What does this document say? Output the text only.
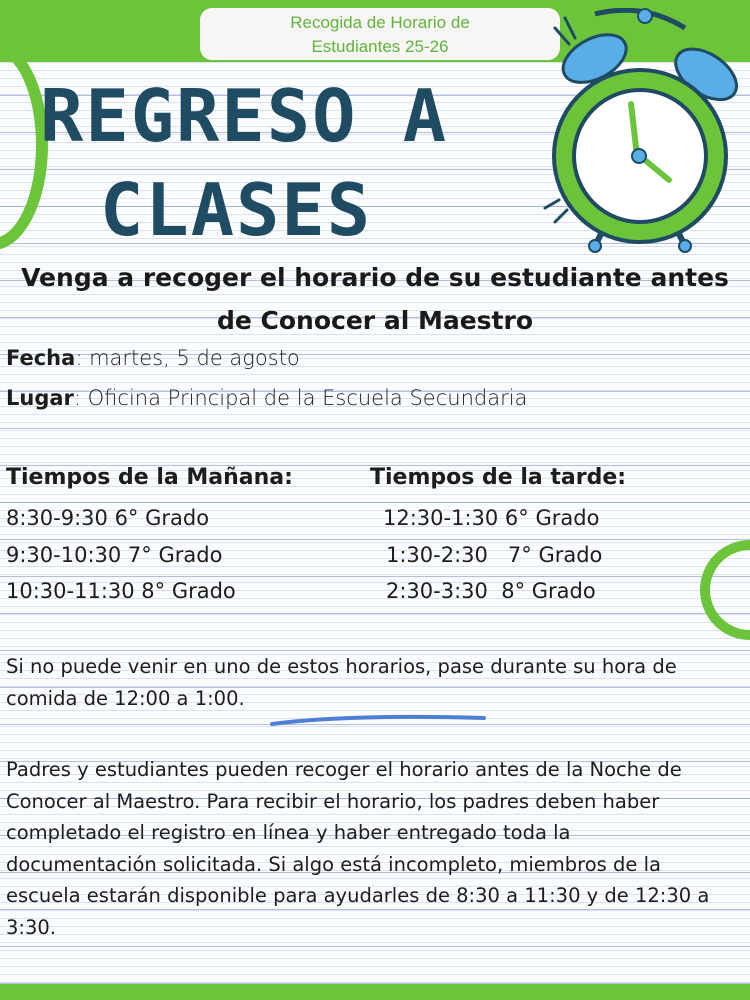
Recogida de Horario de
Estudiantes 25-26
REGRESO A
CLASES
Venga a recoger el horario de su estudiante antes
de Conocer al Maestro
Fecha: martes, 5 de agosto
Lugar: Oficina Principal de la Escuela Secundaria
Tiempos de la Mañana:	Tiempos de la tarde:
8:30-9:30 6° Grado
9:30-10:30 7° Grado
10:30-11:30 8° Grado
12:30-1:30 6° Grado
1:30-2:30   7° Grado
2:30-3:30  8° Grado
Si no puede venir en uno de estos horarios, pase durante su hora de
comida de 12:00 a 1:00.
Padres y estudiantes pueden recoger el horario antes de la Noche de
Conocer al Maestro. Para recibir el horario, los padres deben haber
completado el registro en línea y haber entregado toda la
documentación solicitada. Si algo está incompleto, miembros de la
escuela estarán disponible para ayudarles de 8:30 a 11:30 y de 12:30 a
3:30.
